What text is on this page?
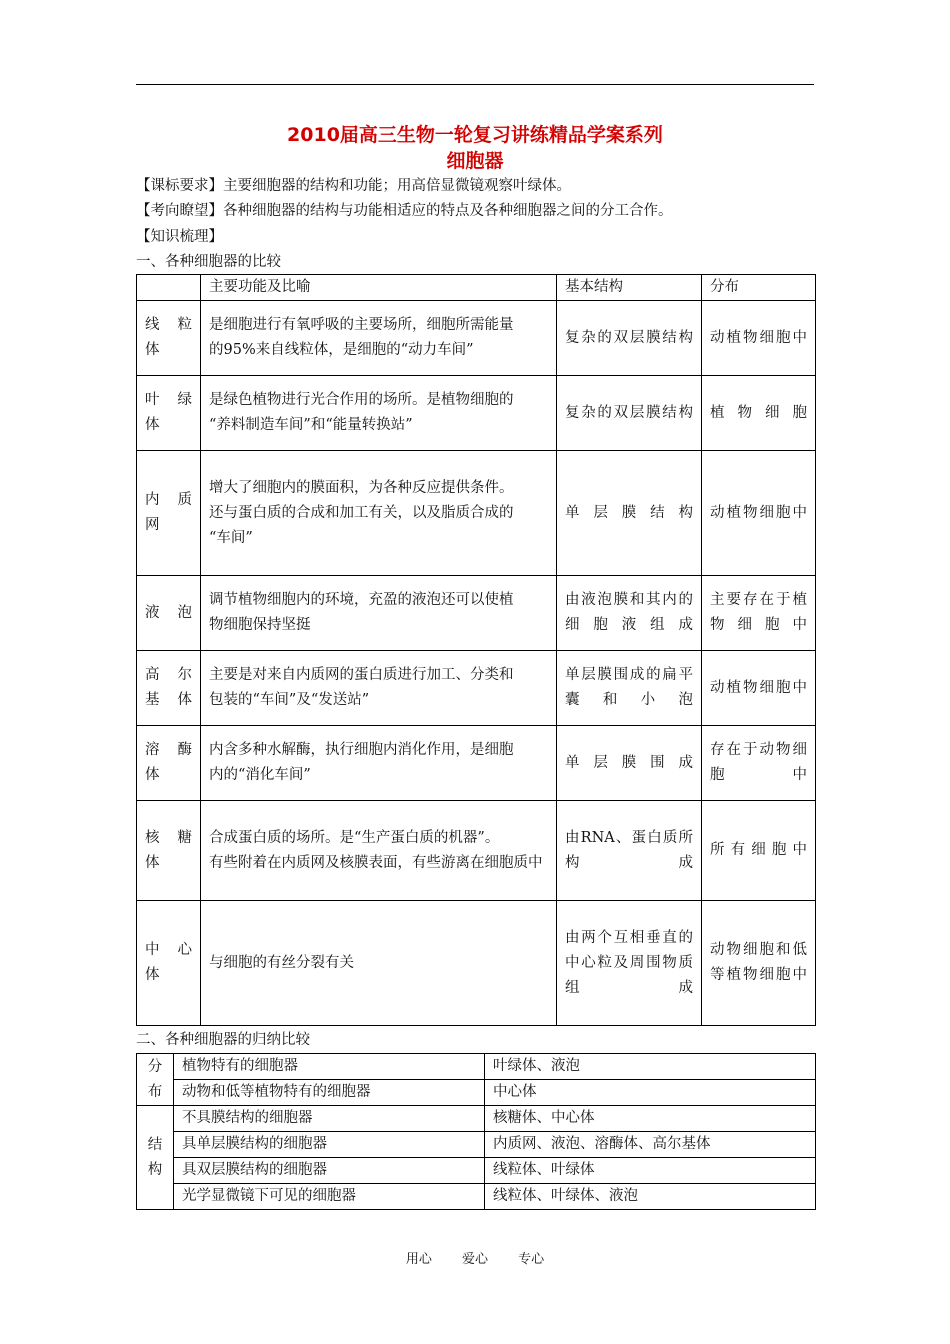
2010届高三生物一轮复习讲练精品学案系列
细胞器
【课标要求】主要细胞器的结构和功能；用高倍显微镜观察叶绿体。
【考向瞭望】各种细胞器的结构与功能相适应的特点及各种细胞器之间的分工合作。
【知识梳理】
一、各种细胞器的比较
	主要功能及比喻	基本结构	分布

线　粒
体	是细胞进行有氧呼吸的主要场所，细胞所需能量
的95%来自线粒体，是细胞的“动力车间”	复杂的双层膜结构	动植物细胞中

叶　绿
体	是绿色植物进行光合作用的场所。是植物细胞的
“养料制造车间”和“能量转换站”	复杂的双层膜结构	植物细胞

内　质
网	增大了细胞内的膜面积，为各种反应提供条件。
还与蛋白质的合成和加工有关，以及脂质合成的
“车间”	单层膜结构	动植物细胞中

液泡	调节植物细胞内的环境，充盈的液泡还可以使植
物细胞保持坚挺	由液泡膜和其内的
细胞液组成	主要存在于植
物细胞中

高尔
基体	主要是对来自内质网的蛋白质进行加工、分类和
包装的“车间”及“发送站”	单层膜围成的扁平
囊和小泡	动植物细胞中

溶　酶
体	内含多种水解酶，执行细胞内消化作用，是细胞
内的“消化车间”	单层膜围成	存在于动物细
胞中

核　糖
体	合成蛋白质的场所。是“生产蛋白质的机器”。
有些附着在内质网及核膜表面，有些游离在细胞质中	由RNA、蛋白质所构成	所有细胞中

中　心
体	与细胞的有丝分裂有关	由两个互相垂直的
中心粒及周围物质
组成	动物细胞和低
等植物细胞中
二、各种细胞器的归纳比较
分
布	植物特有的细胞器	叶绿体、液泡
	动物和低等植物特有的细胞器	中心体

结
构	不具膜结构的细胞器	核糖体、中心体
	具单层膜结构的细胞器	内质网、液泡、溶酶体、高尔基体
	具双层膜结构的细胞器	线粒体、叶绿体
	光学显微镜下可见的细胞器	线粒体、叶绿体、液泡
用心 爱心 专心
